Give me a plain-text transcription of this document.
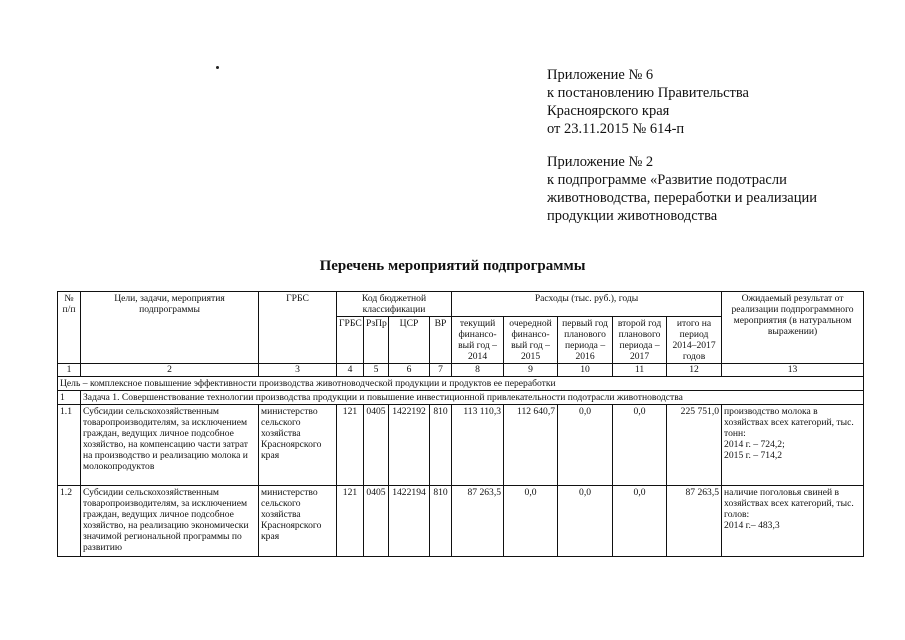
Приложение № 6
к постановлению Правительства
Красноярского края
от 23.11.2015 № 614-п
Приложение № 2
к подпрограмме «Развитие подотрасли
животноводства, переработки и реализации
продукции животноводства
Перечень мероприятий подпрограммы
№ п/п	Цели, задачи, мероприятия подпрограммы	ГРБС	Код бюджетной классификации				Расходы (тыс. руб.), годы					Ожидаемый результат от реализации подпрограммного мероприятия (в натуральном выражении)
			ГРБС	РзПр	ЦСР	ВР	текущий финансо-вый год – 2014	очередной финансо-вый год – 2015	первый год планового периода – 2016	второй год планового периода – 2017	итого на период 2014–2017 годов	
1	2	3	4	5	6	7	8	9	10	11	12	13
Цель – комплексное повышение эффективности производства животноводческой продукции и продуктов ее переработки												
1	Задача 1. Совершенствование технологии производства продукции и повышение инвестиционной привлекательности подотрасли животноводства											
1.1	Субсидии сельскохозяйственным товаропроизводителям, за исключением граждан, ведущих личное подсобное хозяйство, на компенсацию части затрат на производство и реализацию молока и молокопродуктов	министерство сельского хозяйства Красноярского края	121	0405	1422192	810	113 110,3	112 640,7	0,0	0,0	225 751,0	производство молока в хозяйствах всех категорий, тыс. тонн:
2014 г. – 724,2;
2015 г. – 714,2

1.2	Субсидии сельскохозяйственным товаропроизводителям, за исключением граждан, ведущих личное подсобное хозяйство, на реализацию экономически значимой региональной программы по развитию	министерство сельского хозяйства Красноярского края	121	0405	1422194	810	87 263,5	0,0	0,0	0,0	87 263,5	наличие поголовья свиней в хозяйствах всех категорий, тыс. голов:
2014 г.– 483,3
